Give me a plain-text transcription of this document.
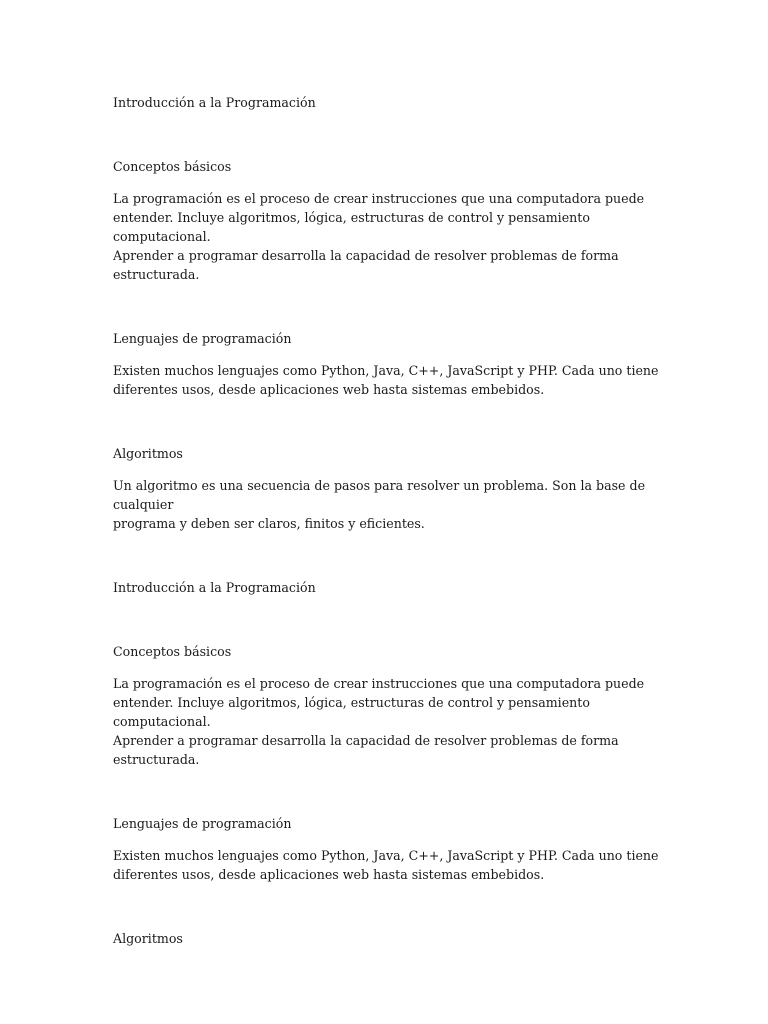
Introducción a la Programación

Conceptos básicos

La programación es el proceso de crear instrucciones que una computadora puede

entender. Incluye algoritmos, lógica, estructuras de control y pensamiento computacional.

Aprender a programar desarrolla la capacidad de resolver problemas de forma

estructurada.

Lenguajes de programación

Existen muchos lenguajes como Python, Java, C++, JavaScript y PHP. Cada uno tiene

diferentes usos, desde aplicaciones web hasta sistemas embebidos.

Algoritmos

Un algoritmo es una secuencia de pasos para resolver un problema. Son la base de cualquier

programa y deben ser claros, finitos y eficientes.

Introducción a la Programación

Conceptos básicos

La programación es el proceso de crear instrucciones que una computadora puede

entender. Incluye algoritmos, lógica, estructuras de control y pensamiento computacional.

Aprender a programar desarrolla la capacidad de resolver problemas de forma

estructurada.

Lenguajes de programación

Existen muchos lenguajes como Python, Java, C++, JavaScript y PHP. Cada uno tiene

diferentes usos, desde aplicaciones web hasta sistemas embebidos.

Algoritmos
